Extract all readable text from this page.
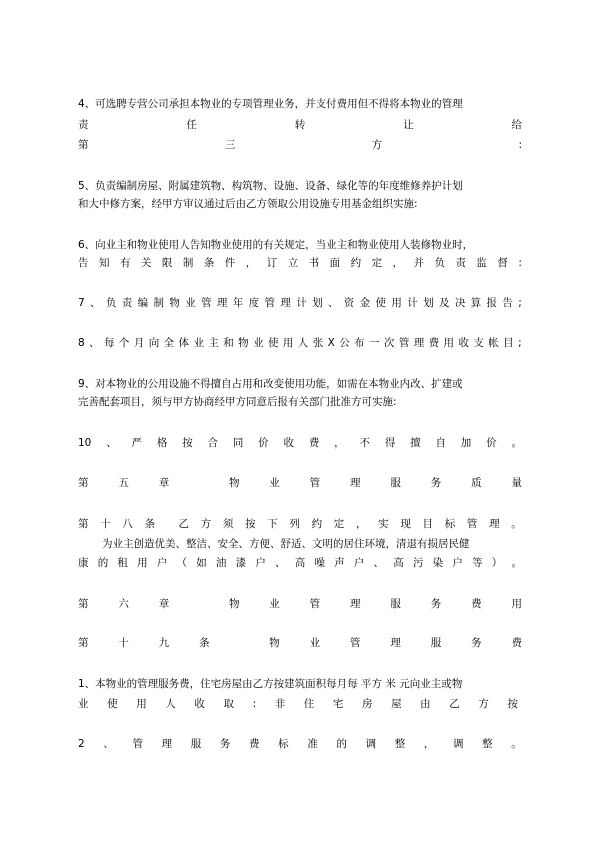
4、可选聘专营公司承担本物业的专项管理业务，并支付费用但不得将本物业的管理

责	任	转	让	给
第	三	方	:

5、负责编制房屋、附属建筑物、构筑物、设施、设备、绿化等的年度维修养护计划

和大中修方案，经甲方审议通过后由乙方领取公用设施专用基金组织实施:

6、向业主和物业使用人告知物业使用的有关规定，当业主和物业使用人装修物业时，

告 知 有 关 限 制 条 件 ， 订 立 书 面 约 定 ， 并 负 责 监 督 :
7 、 负 责 编 制 物 业 管 理 年 度 管 理 计 划 、 资 金 使 用 计 划 及 决 算 报 告 ;
8 、 每 个 月 向 全 体 业 主 和 物 业 使 用 人 张 X 公 布 一 次 管 理 费 用 收 支 帐 目 ;

9、对本物业的公用设施不得擅自占用和改变使用功能，如需在本物业内改、扩建或

完善配套项目，须与甲方协商经甲方同意后报有关部门批准方可实施:

10 、 严 格 按 合 同 价 收 费 ， 不 得 擅 自 加 价 。
第	五	章	物	业	管	理	服	务	质	量
第 十 八 条 乙 方 须 按 下 列 约 定 ， 实 现 目 标 管 理 。

为业主创造优美、整洁、安全、方便、舒适、文明的居住环境，清退有损居民健

康 的 租 用 户 （ 如 油 漆 户 、 高 噪 声 户 、 高 污 染 户 等 ） 。
第	六	章	物	业	管	理	服	务	费	用
第	十	九	条	物	业	管	理	服	务	费

1、本物业的管理服务费，住宅房屋由乙方按建筑面积每月每 平方 米 元向业主或物

业 使 用 人 收 取 : 非 住 宅 房 屋 由 乙 方 按
2 、 管 理 服 务 费 标 准 的 调 整 ， 调 整 。
